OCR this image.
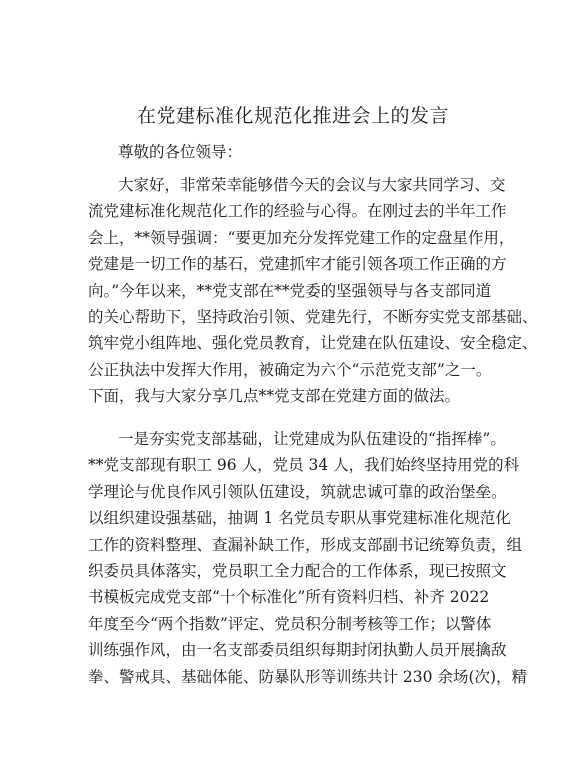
在党建标准化规范化推进会上的发言
尊敬的各位领导：
大家好，非常荣幸能够借今天的会议与大家共同学习、交
流党建标准化规范化工作的经验与心得。在刚过去的半年工作
会上，**领导强调：“要更加充分发挥党建工作的定盘星作用，
党建是一切工作的基石，党建抓牢才能引领各项工作正确的方
向。”今年以来，**党支部在**党委的坚强领导与各支部同道
的关心帮助下，坚持政治引领、党建先行，不断夯实党支部基础、
筑牢党小组阵地、强化党员教育，让党建在队伍建设、安全稳定、
公正执法中发挥大作用，被确定为六个“示范党支部”之一。
下面，我与大家分享几点**党支部在党建方面的做法。
一是夯实党支部基础，让党建成为队伍建设的“指挥棒”。
**党支部现有职工 96 人，党员 34 人，我们始终坚持用党的科
学理论与优良作风引领队伍建设，筑就忠诚可靠的政治堡垒。
以组织建设强基础，抽调 1 名党员专职从事党建标准化规范化
工作的资料整理、查漏补缺工作，形成支部副书记统筹负责，组
织委员具体落实，党员职工全力配合的工作体系，现已按照文
书模板完成党支部“十个标准化”所有资料归档、补齐 2022
年度至今“两个指数”评定、党员积分制考核等工作；以警体
训练强作风，由一名支部委员组织每期封闭执勤人员开展擒敌
拳、警戒具、基础体能、防暴队形等训练共计 230 余场(次)，精
